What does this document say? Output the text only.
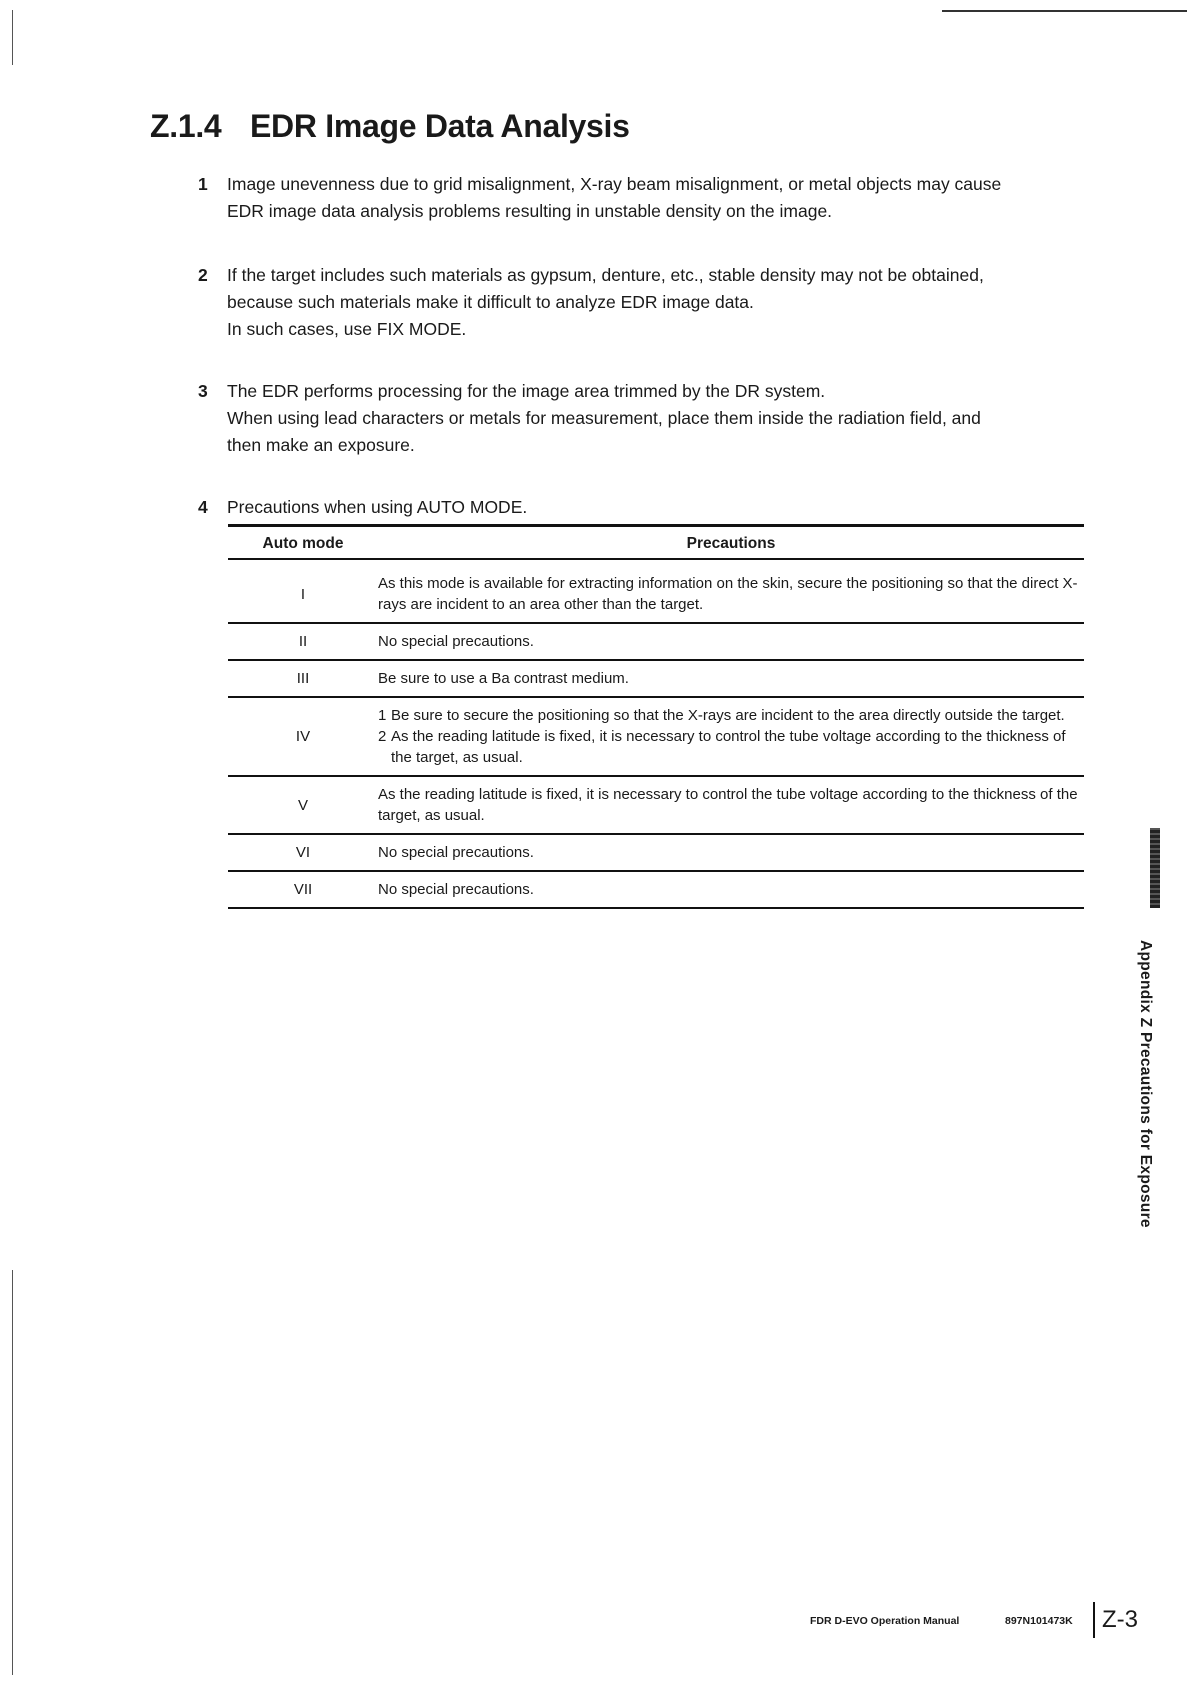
Z.1.4 EDR Image Data Analysis
1 Image unevenness due to grid misalignment, X-ray beam misalignment, or metal objects may cause

EDR image data analysis problems resulting in unstable density on the image.

2 If the target includes such materials as gypsum, denture, etc., stable density may not be obtained,

because such materials make it difficult to analyze EDR image data.

In such cases, use FIX MODE.

3 The EDR performs processing for the image area trimmed by the DR system.

When using lead characters or metals for measurement, place them inside the radiation field, and

then make an exposure.

4 Precautions when using AUTO MODE.

Auto mode	Precautions

I	As this mode is available for extracting information on the skin, secure the positioning so that the direct X-rays are incident to an area other than the target.
II	No special precautions.
III	Be sure to use a Ba contrast medium.
IV	1 Be sure to secure the positioning so that the X-rays are incident to the area directly outside the target.
2 As the reading latitude is fixed, it is necessary to control the tube voltage according to the thickness of the target, as usual.

V	As the reading latitude is fixed, it is necessary to control the tube voltage according to the thickness of the target, as usual.
VI	No special precautions.
VII	No special precautions.
Appendix Z Precautions for Exposure
FDR D-EVO Operation Manual	897N101473K Z-3
